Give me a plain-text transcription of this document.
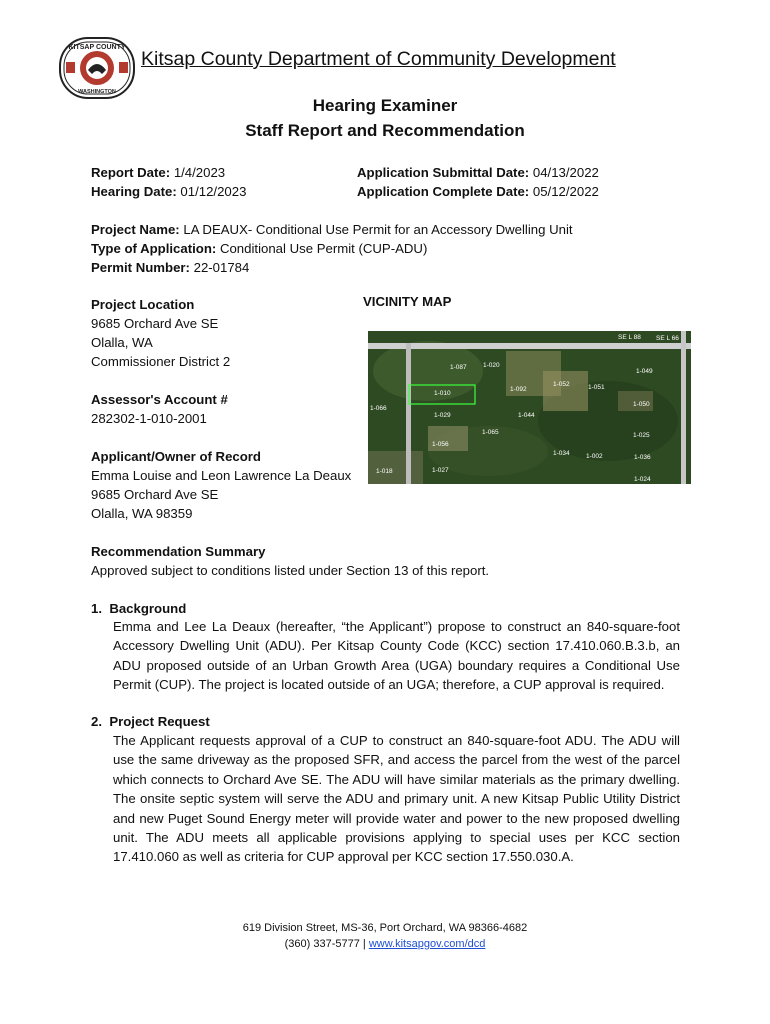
KITSAP COUNTY
WASHINGTON
Kitsap County Department of Community Development
Hearing Examiner
Staff Report and Recommendation
Report Date: 1/4/2023
Hearing Date: 01/12/2023
Application Submittal Date: 04/13/2022
Application Complete Date: 05/12/2022
Project Name: LA DEAUX- Conditional Use Permit for an Accessory Dwelling Unit
Type of Application: Conditional Use Permit (CUP-ADU)
Permit Number: 22-01784
Project Location
9685 Orchard Ave SE
Olalla, WA
Commissioner District 2
Assessor's Account #
282302-1-010-2001
Applicant/Owner of Record
Emma Louise and Leon Lawrence La Deaux
9685 Orchard Ave SE
Olalla, WA 98359
VICINITY MAP
SE L 88 SE L 66
1-087	1-020
1-092
1-049
1-010
1-052	1-051
1-050
1-066
1-029	1-044
1-065	1-025
1-056
1-034	1-002	1-036
1-018	1-027
1-024
Recommendation Summary
Approved subject to conditions listed under Section 13 of this report.
1.  Background
Emma and Lee La Deaux (hereafter, “the Applicant”) propose to construct an 840-square-foot Accessory Dwelling Unit (ADU). Per Kitsap County Code (KCC) section 17.410.060.B.3.b, an ADU proposed outside of an Urban Growth Area (UGA) boundary requires a Conditional Use Permit (CUP). The project is located outside of an UGA; therefore, a CUP approval is required.
2.  Project Request
The Applicant requests approval of a CUP to construct an 840-square-foot ADU. The ADU will use the same driveway as the proposed SFR, and access the parcel from the west of the parcel which connects to Orchard Ave SE. The ADU will have similar materials as the primary dwelling. The onsite septic system will serve the ADU and primary unit. A new Kitsap Public Utility District and new Puget Sound Energy meter will provide water and power to the new proposed dwelling unit. The ADU meets all applicable provisions applying to special uses per KCC section 17.410.060 as well as criteria for CUP approval per KCC section 17.550.030.A.
619 Division Street, MS-36, Port Orchard, WA 98366-4682
(360) 337-5777 | www.kitsapgov.com/dcd
